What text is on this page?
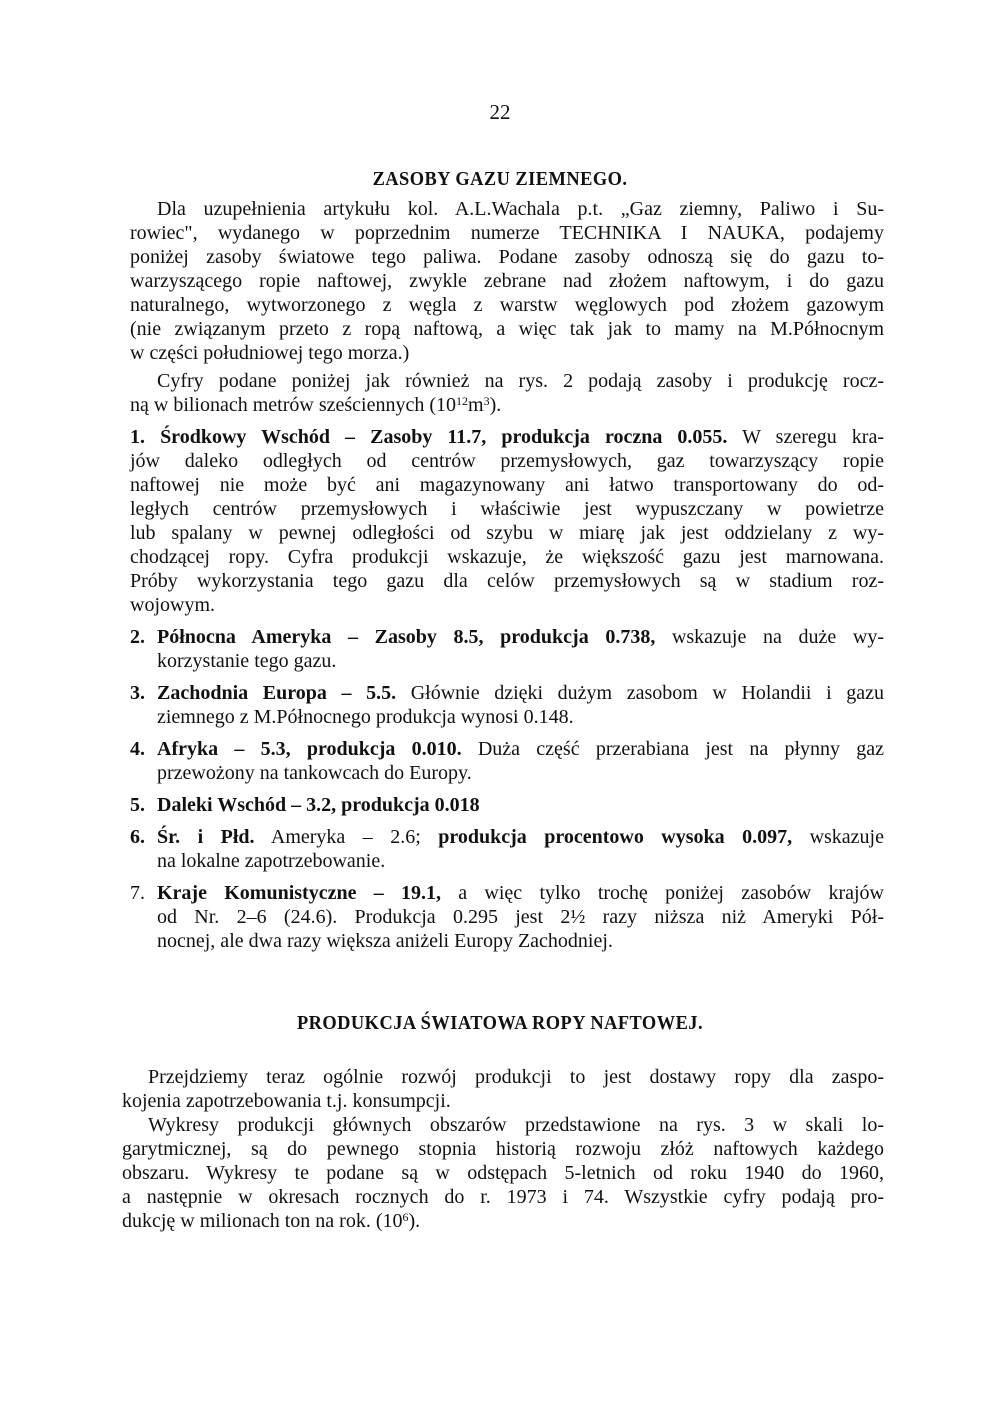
22
ZASOBY GAZU ZIEMNEGO.
Dla uzupełnienia artykułu kol. A.L.Wachala p.t. „Gaz ziemny, Paliwo i Su-
rowiec", wydanego w poprzednim numerze TECHNIKA I NAUKA, podajemy
poniżej zasoby światowe tego paliwa. Podane zasoby odnoszą się do gazu to-
warzyszącego ropie naftowej, zwykle zebrane nad złożem naftowym, i do gazu
naturalnego, wytworzonego z węgla z warstw węglowych pod złożem gazowym
(nie związanym przeto z ropą naftową, a więc tak jak to mamy na M.Północnym
w części południowej tego morza.)
Cyfry podane poniżej jak również na rys. 2 podają zasoby i produkcję rocz-
ną w bilionach metrów sześciennych $(10^{12}m^3)$.
1. Środkowy Wschód – Zasoby 11.7, produkcja roczna 0.055. W szeregu kra-
jów daleko odległych od centrów przemysłowych, gaz towarzyszący ropie
naftowej nie może być ani magazynowany ani łatwo transportowany do od-
ległych centrów przemysłowych i właściwie jest wypuszczany w powietrze
lub spalany w pewnej odległości od szybu w miarę jak jest oddzielany z wy-
chodzącej ropy. Cyfra produkcji wskazuje, że większość gazu jest marnowana.
Próby wykorzystania tego gazu dla celów przemysłowych są w stadium roz-
wojowym.
2. Północna Ameryka – Zasoby 8.5, produkcja 0.738, wskazuje na duże wy-
korzystanie tego gazu.
3. Zachodnia Europa – 5.5. Głównie dzięki dużym zasobom w Holandii i gazu
ziemnego z M.Północnego produkcja wynosi 0.148.
4. Afryka – 5.3, produkcja 0.010. Duża część przerabiana jest na płynny gaz
przewożony na tankowcach do Europy.
5. Daleki Wschód – 3.2, produkcja 0.018
6. Śr. i Płd. Ameryka – 2.6; produkcja procentowo wysoka 0.097, wskazuje
na lokalne zapotrzebowanie.
7. Kraje Komunistyczne – 19.1, a więc tylko trochę poniżej zasobów krajów
od Nr. 2–6 (24.6). Produkcja 0.295 jest 2½ razy niższa niż Ameryki Pół-
nocnej, ale dwa razy większa aniżeli Europy Zachodniej.
PRODUKCJA ŚWIATOWA ROPY NAFTOWEJ.
Przejdziemy teraz ogólnie rozwój produkcji to jest dostawy ropy dla zaspo-
kojenia zapotrzebowania t.j. konsumpcji.
Wykresy produkcji głównych obszarów przedstawione na rys. 3 w skali lo-
garytmicznej, są do pewnego stopnia historią rozwoju złóż naftowych każdego
obszaru. Wykresy te podane są w odstępach 5-letnich od roku 1940 do 1960,
a następnie w okresach rocznych do r. 1973 i 74. Wszystkie cyfry podają pro-
dukcję w milionach ton na rok. $(10^6)$.
